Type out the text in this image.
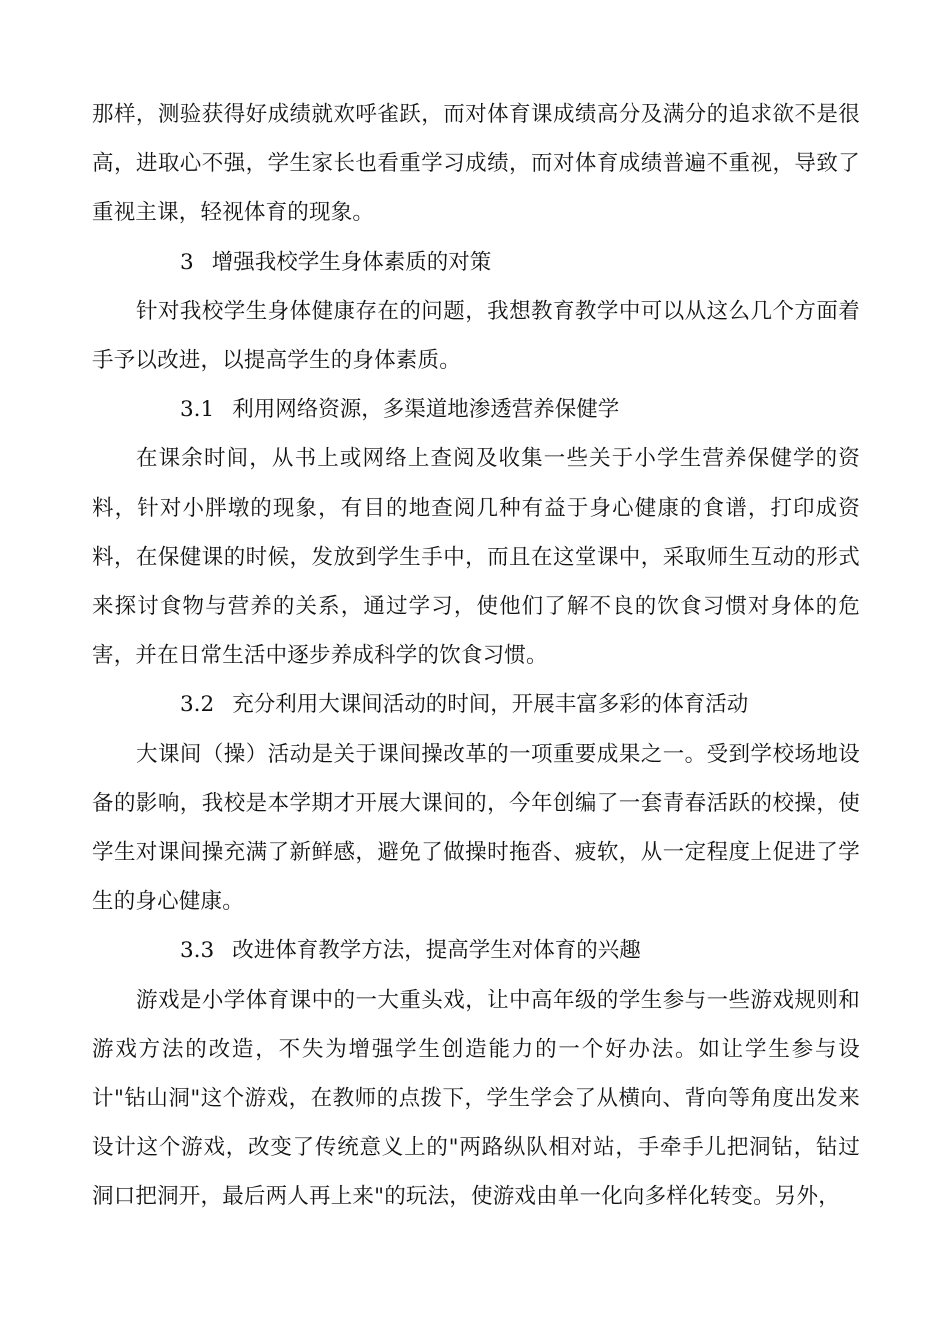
那样，测验获得好成绩就欢呼雀跃，而对体育课成绩高分及满分的追求欲不是很高，进取心不强，学生家长也看重学习成绩，而对体育成绩普遍不重视，导致了重视主课，轻视体育的现象。

3 增强我校学生身体素质的对策

针对我校学生身体健康存在的问题，我想教育教学中可以从这么几个方面着手予以改进，以提高学生的身体素质。

3.1 利用网络资源，多渠道地渗透营养保健学

在课余时间，从书上或网络上查阅及收集一些关于小学生营养保健学的资料，针对小胖墩的现象，有目的地查阅几种有益于身心健康的食谱，打印成资料，在保健课的时候，发放到学生手中，而且在这堂课中，采取师生互动的形式来探讨食物与营养的关系，通过学习，使他们了解不良的饮食习惯对身体的危害，并在日常生活中逐步养成科学的饮食习惯。

3.2 充分利用大课间活动的时间，开展丰富多彩的体育活动

大课间（操）活动是关于课间操改革的一项重要成果之一。受到学校场地设备的影响，我校是本学期才开展大课间的，今年创编了一套青春活跃的校操，使学生对课间操充满了新鲜感，避免了做操时拖沓、疲软，从一定程度上促进了学生的身心健康。

3.3 改进体育教学方法，提高学生对体育的兴趣

游戏是小学体育课中的一大重头戏，让中高年级的学生参与一些游戏规则和游戏方法的改造，不失为增强学生创造能力的一个好办法。如让学生参与设计"钻山洞"这个游戏，在教师的点拨下，学生学会了从横向、背向等角度出发来设计这个游戏，改变了传统意义上的"两路纵队相对站，手牵手儿把洞钻，钻过洞口把洞开，最后两人再上来"的玩法，使游戏由单一化向多样化转变。另外，
